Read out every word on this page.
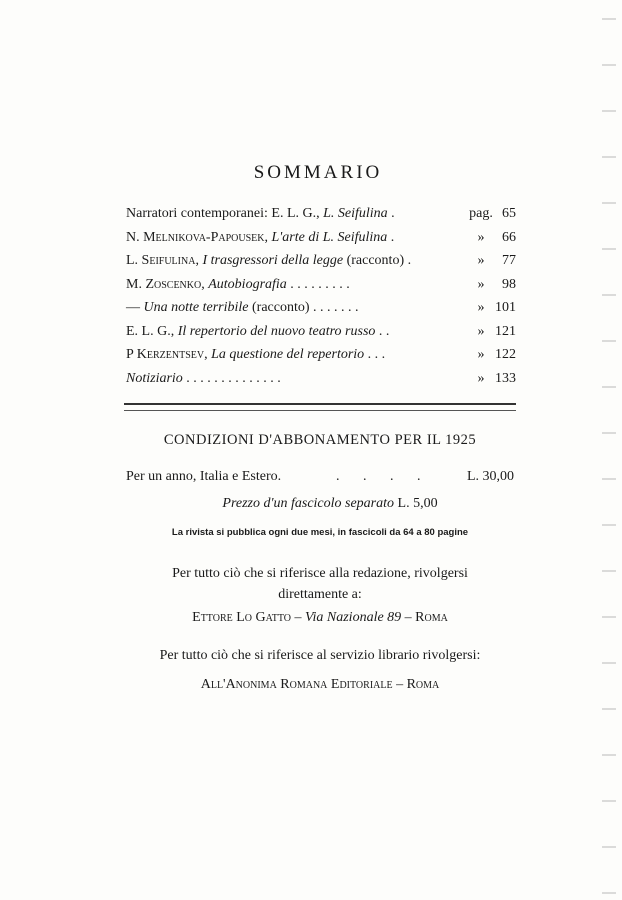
SOMMARIO
Narratori contemporanei: E. L. G., L. Seifulina .	pag. 65
N. Melnikova-Papousek, L'arte di L. Seifulina .	»	66
L. Seifulina, I trasgressori della legge (racconto) .	»	77
M. Zoscenko, Autobiografia . . . . . . . . .	»	98
— Una notte terribile (racconto) . . . . . . .	» 101
E. L. G., Il repertorio del nuovo teatro russo . .	» 121
P Kerzentsev, La questione del repertorio . . .	» 122
Notiziario . . . . . . . . . . . . . .	» 133
CONDIZIONI D'ABBONAMENTO PER IL 1925
Per un anno, Italia e Estero.	. . . .	L. 30,00
Prezzo d'un fascicolo separato L. 5,00
La rivista si pubblica ogni due mesi, in fascicoli da 64 a 80 pagine
Per tutto ciò che si riferisce alla redazione, rivolgersi
direttamente a:
Ettore Lo Gatto – Via Nazionale 89 – Roma
Per tutto ciò che si riferisce al servizio librario rivolgersi:
All'Anonima Romana Editoriale – Roma
